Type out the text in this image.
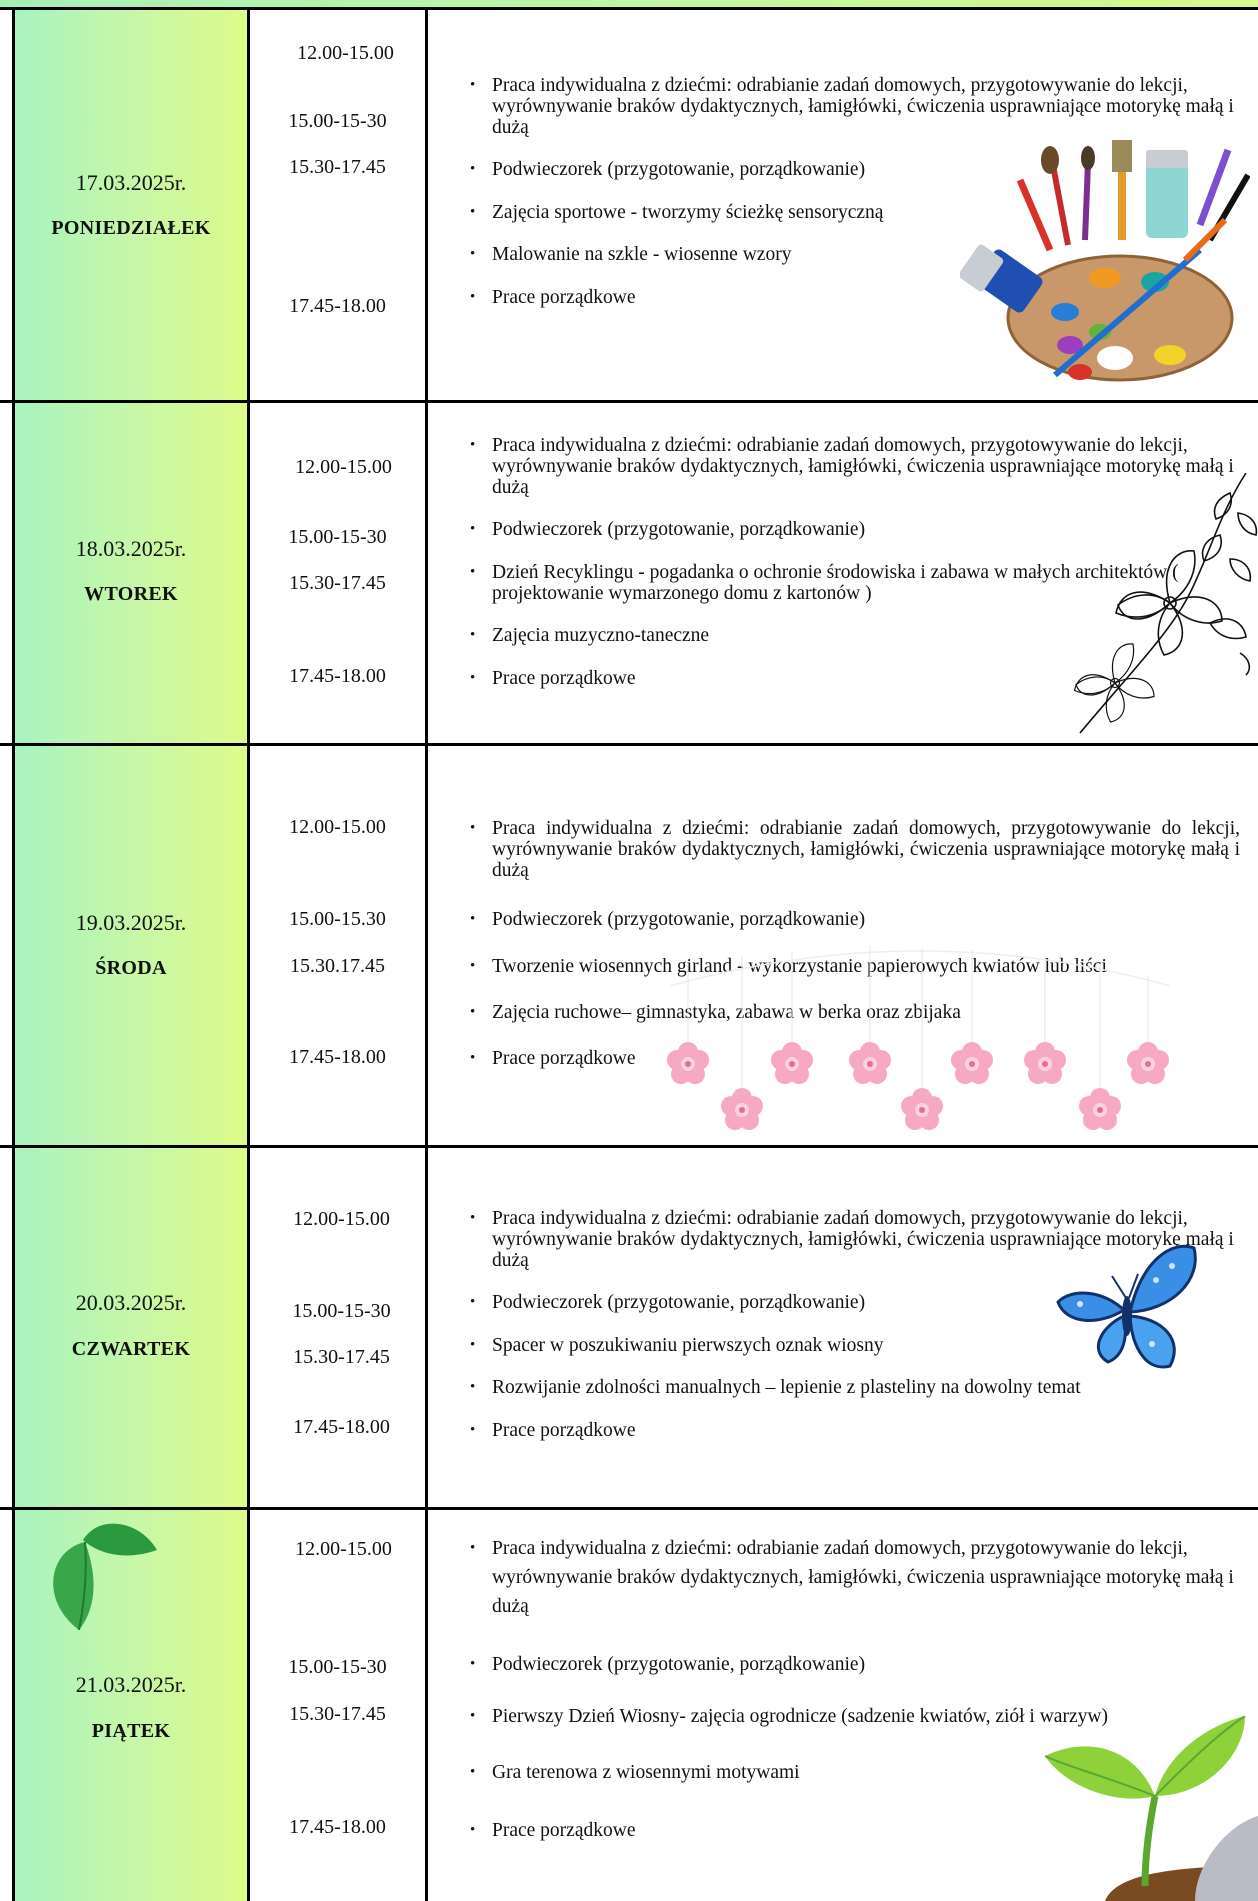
17.03.2025r.
PONIEDZIAŁEK
12.00-15.00
15.00-15-30
15.30-17.45
17.45-18.00
• Praca indywidualna z dziećmi: odrabianie zadań domowych, przygotowywanie do lekcji, wyrównywanie braków dydaktycznych, łamigłówki, ćwiczenia usprawniające motorykę małą i dużą
• Podwieczorek (przygotowanie, porządkowanie)
• Zajęcia sportowe - tworzymy ścieżkę sensoryczną
• Malowanie na szkle - wiosenne wzory
• Prace porządkowe
18.03.2025r.
WTOREK
12.00-15.00
15.00-15-30
15.30-17.45
17.45-18.00
• Praca indywidualna z dziećmi: odrabianie zadań domowych, przygotowywanie do lekcji, wyrównywanie braków dydaktycznych, łamigłówki, ćwiczenia usprawniające motorykę małą i dużą
• Podwieczorek (przygotowanie, porządkowanie)
• Dzień Recyklingu - pogadanka o ochronie środowiska i zabawa w małych architektów ( projektowanie wymarzonego domu z kartonów )
• Zajęcia muzyczno-taneczne
• Prace porządkowe
19.03.2025r.
ŚRODA
12.00-15.00
15.00-15.30
15.30.17.45
17.45-18.00
• Praca indywidualna z dziećmi: odrabianie zadań domowych, przygotowywanie do lekcji, wyrównywanie braków dydaktycznych, łamigłówki, ćwiczenia usprawniające motorykę małą i dużą
• Podwieczorek (przygotowanie, porządkowanie)
• Tworzenie wiosennych girland - wykorzystanie papierowych kwiatów lub liści
• Zajęcia ruchowe– gimnastyka, zabawa w berka oraz zbijaka
• Prace porządkowe
20.03.2025r.
CZWARTEK
12.00-15.00
15.00-15-30
15.30-17.45
17.45-18.00
• Praca indywidualna z dziećmi: odrabianie zadań domowych, przygotowywanie do lekcji, wyrównywanie braków dydaktycznych, łamigłówki, ćwiczenia usprawniające motorykę małą i dużą
• Podwieczorek (przygotowanie, porządkowanie)
• Spacer w poszukiwaniu pierwszych oznak wiosny
• Rozwijanie zdolności manualnych – lepienie z plasteliny na dowolny temat
• Prace porządkowe
21.03.2025r.
PIĄTEK
12.00-15.00
15.00-15-30
15.30-17.45
17.45-18.00
• Praca indywidualna z dziećmi: odrabianie zadań domowych, przygotowywanie do lekcji, wyrównywanie braków dydaktycznych, łamigłówki, ćwiczenia usprawniające motorykę małą i dużą
• Podwieczorek (przygotowanie, porządkowanie)
• Pierwszy Dzień Wiosny- zajęcia ogrodnicze (sadzenie kwiatów, ziół i warzyw)
• Gra terenowa z wiosennymi motywami
• Prace porządkowe
